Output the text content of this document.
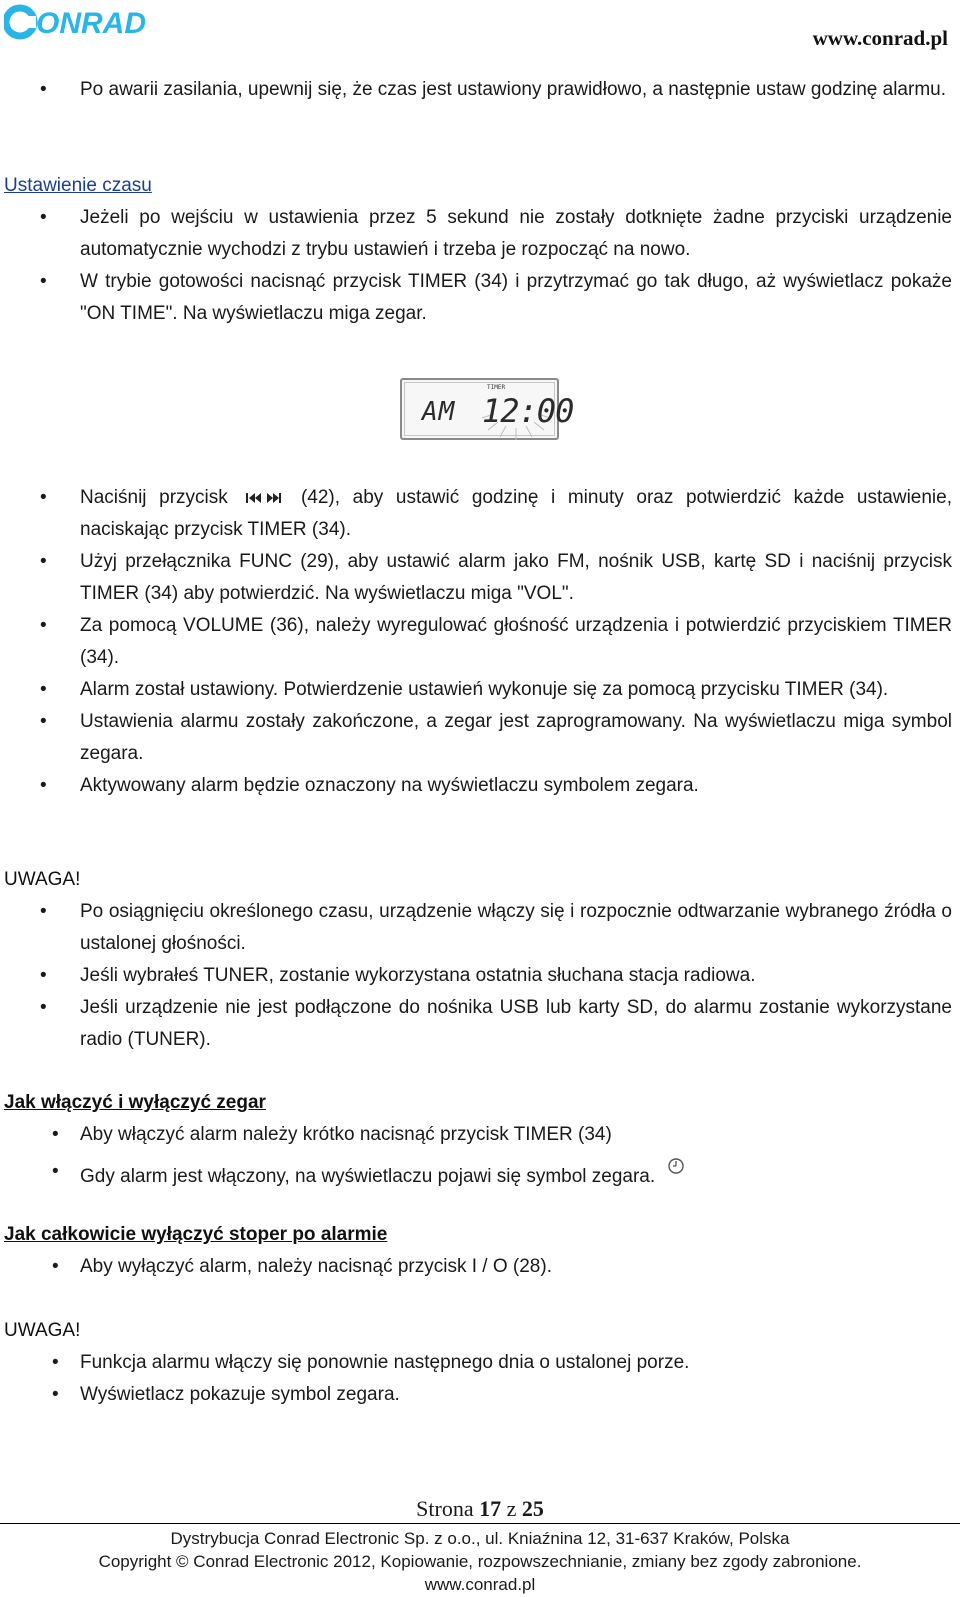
ONRAD	www.conrad.pl
• Po awarii zasilania, upewnij się, że czas jest ustawiony prawidłowo, a następnie ustaw godzinę alarmu.
Ustawienie czasu
• Jeżeli po wejściu w ustawienia przez 5 sekund nie zostały dotknięte żadne przyciski urządzenie automatycznie wychodzi z trybu ustawień i trzeba je rozpocząć na nowo.
• W trybie gotowości nacisnąć przycisk TIMER (34) i przytrzymać go tak długo, aż wyświetlacz pokaże "ON TIME". Na wyświetlaczu miga zegar.
TIMER
AM 12:00
• Naciśnij przycisk	(42), aby ustawić godzinę i minuty oraz potwierdzić każde ustawienie, naciskając przycisk TIMER (34).
• Użyj przełącznika FUNC (29), aby ustawić alarm jako FM, nośnik USB, kartę SD i naciśnij przycisk TIMER (34) aby potwierdzić. Na wyświetlaczu miga "VOL".
• Za pomocą VOLUME (36), należy wyregulować głośność urządzenia i potwierdzić przyciskiem TIMER (34).
• Alarm został ustawiony. Potwierdzenie ustawień wykonuje się za pomocą przycisku TIMER (34).
• Ustawienia alarmu zostały zakończone, a zegar jest zaprogramowany. Na wyświetlaczu miga symbol zegara.
• Aktywowany alarm będzie oznaczony na wyświetlaczu symbolem zegara.
UWAGA!
• Po osiągnięciu określonego czasu, urządzenie włączy się i rozpocznie odtwarzanie wybranego źródła o ustalonej głośności.
• Jeśli wybrałeś TUNER, zostanie wykorzystana ostatnia słuchana stacja radiowa.
• Jeśli urządzenie nie jest podłączone do nośnika USB lub karty SD, do alarmu zostanie wykorzystane radio (TUNER).
Jak włączyć i wyłączyć zegar
• Aby włączyć alarm należy krótko nacisnąć przycisk TIMER (34)
• Gdy alarm jest włączony, na wyświetlaczu pojawi się symbol zegara.
Jak całkowicie wyłączyć stoper po alarmie
• Aby wyłączyć alarm, należy nacisnąć przycisk I / O (28).
UWAGA!
• Funkcja alarmu włączy się ponownie następnego dnia o ustalonej porze.
• Wyświetlacz pokazuje symbol zegara.
Strona 17 z 25
Dystrybucja Conrad Electronic Sp. z o.o., ul. Kniaźnina 12, 31-637 Kraków, Polska
Copyright © Conrad Electronic 2012, Kopiowanie, rozpowszechnianie, zmiany bez zgody zabronione.
www.conrad.pl
